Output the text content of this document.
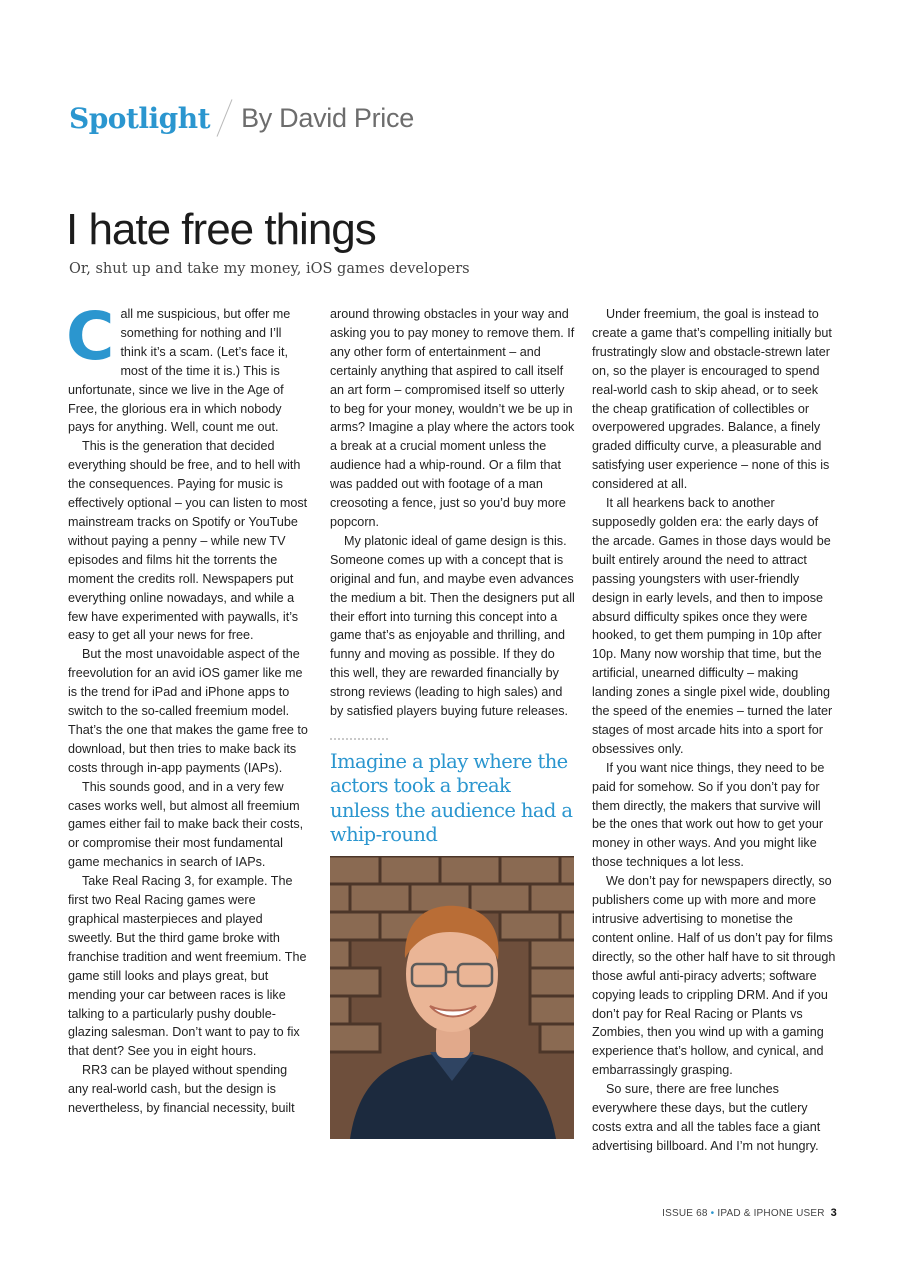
Spotlight By David Price
I hate free things
Or, shut up and take my money, iOS games developers

Call me suspicious, but offer me something for nothing and I’ll think it’s a scam. (Let’s face it, most of the time it is.) This is unfortunate, since we live in the Age of Free, the glorious era in which nobody pays for anything. Well, count me out.

This is the generation that decided everything should be free, and to hell with the consequences. Paying for music is effectively optional – you can listen to most mainstream tracks on Spotify or YouTube without paying a penny – while new TV episodes and films hit the torrents the moment the credits roll. Newspapers put everything online nowadays, and while a few have experimented with paywalls, it’s easy to get all your news for free.

But the most unavoidable aspect of the freevolution for an avid iOS gamer like me is the trend for iPad and iPhone apps to switch to the so-called freemium model. That’s the one that makes the game free to download, but then tries to make back its costs through in-app payments (IAPs).

This sounds good, and in a very few cases works well, but almost all freemium games either fail to make back their costs, or compromise their most fundamental game mechanics in search of IAPs.

Take Real Racing 3, for example. The first two Real Racing games were graphical masterpieces and played sweetly. But the third game broke with franchise tradition and went freemium. The game still looks and plays great, but mending your car between races is like talking to a particularly pushy double-glazing salesman. Don’t want to pay to fix that dent? See you in eight hours.

RR3 can be played without spending any real-world cash, but the design is nevertheless, by financial necessity, built

around throwing obstacles in your way and asking you to pay money to remove them. If any other form of entertainment – and certainly anything that aspired to call itself an art form – compromised itself so utterly to beg for your money, wouldn’t we be up in arms? Imagine a play where the actors took a break at a crucial moment unless the audience had a whip-round. Or a film that was padded out with footage of a man creosoting a fence, just so you’d buy more popcorn.

My platonic ideal of game design is this. Someone comes up with a concept that is original and fun, and maybe even advances the medium a bit. Then the designers put all their effort into turning this concept into a game that’s as enjoyable and thrilling, and funny and moving as possible. If they do this well, they are rewarded financially by strong reviews (leading to high sales) and by satisfied players buying future releases.

Imagine a play where the actors took a break unless the audience had a whip-round

Under freemium, the goal is instead to create a game that’s compelling initially but frustratingly slow and obstacle-strewn later on, so the player is encouraged to spend real-world cash to skip ahead, or to seek the cheap gratification of collectibles or overpowered upgrades. Balance, a finely graded difficulty curve, a pleasurable and satisfying user experience – none of this is considered at all.

It all hearkens back to another supposedly golden era: the early days of the arcade. Games in those days would be built entirely around the need to attract passing youngsters with user-friendly design in early levels, and then to impose absurd difficulty spikes once they were hooked, to get them pumping in 10p after 10p. Many now worship that time, but the artificial, unearned difficulty – making landing zones a single pixel wide, doubling the speed of the enemies – turned the later stages of most arcade hits into a sport for obsessives only.

If you want nice things, they need to be paid for somehow. So if you don’t pay for them directly, the makers that survive will be the ones that work out how to get your money in other ways. And you might like those techniques a lot less.

We don’t pay for newspapers directly, so publishers come up with more and more intrusive advertising to monetise the content online. Half of us don’t pay for films directly, so the other half have to sit through those awful anti-piracy adverts; software copying leads to crippling DRM. And if you don’t pay for Real Racing or Plants vs Zombies, then you wind up with a gaming experience that’s hollow, and cynical, and embarrassingly grasping.

So sure, there are free lunches everywhere these days, but the cutlery costs extra and all the tables face a giant advertising billboard. And I’m not hungry.

ISSUE 68 • IPAD & IPHONE USER 3
